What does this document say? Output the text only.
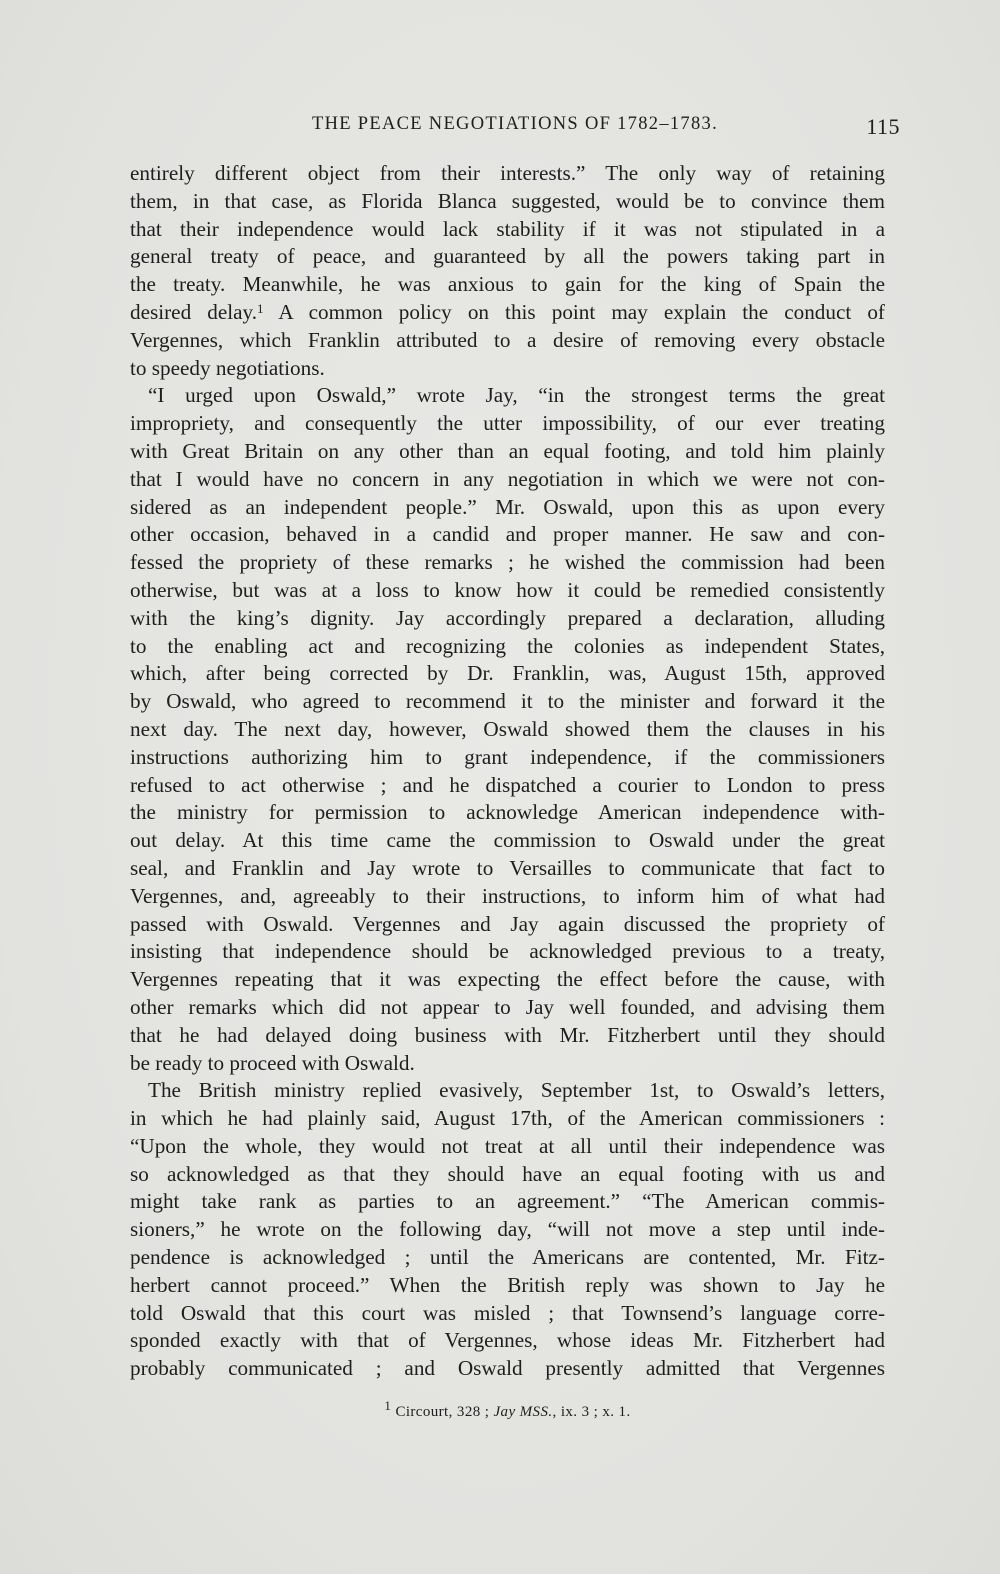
THE PEACE NEGOTIATIONS OF 1782–1783.	115
entirely different object from their interests.” The only way of retaining
them, in that case, as Florida Blanca suggested, would be to convince them
that their independence would lack stability if it was not stipulated in a
general treaty of peace, and guaranteed by all the powers taking part in
the treaty. Meanwhile, he was anxious to gain for the king of Spain the
desired delay.$^1$ A common policy on this point may explain the conduct of
Vergennes, which Franklin attributed to a desire of removing every obstacle
to speedy negotiations.
“I urged upon Oswald,” wrote Jay, “in the strongest terms the great
impropriety, and consequently the utter impossibility, of our ever treating
with Great Britain on any other than an equal footing, and told him plainly
that I would have no concern in any negotiation in which we were not con-
sidered as an independent people.” Mr. Oswald, upon this as upon every
other occasion, behaved in a candid and proper manner. He saw and con-
fessed the propriety of these remarks ; he wished the commission had been
otherwise, but was at a loss to know how it could be remedied consistently
with the king’s dignity. Jay accordingly prepared a declaration, alluding
to the enabling act and recognizing the colonies as independent States,
which, after being corrected by Dr. Franklin, was, August 15th, approved
by Oswald, who agreed to recommend it to the minister and forward it the
next day. The next day, however, Oswald showed them the clauses in his
instructions authorizing him to grant independence, if the commissioners
refused to act otherwise ; and he dispatched a courier to London to press
the ministry for permission to acknowledge American independence with-
out delay. At this time came the commission to Oswald under the great
seal, and Franklin and Jay wrote to Versailles to communicate that fact to
Vergennes, and, agreeably to their instructions, to inform him of what had
passed with Oswald. Vergennes and Jay again discussed the propriety of
insisting that independence should be acknowledged previous to a treaty,
Vergennes repeating that it was expecting the effect before the cause, with
other remarks which did not appear to Jay well founded, and advising them
that he had delayed doing business with Mr. Fitzherbert until they should
be ready to proceed with Oswald.
The British ministry replied evasively, September 1st, to Oswald’s letters,
in which he had plainly said, August 17th, of the American commissioners :
“Upon the whole, they would not treat at all until their independence was
so acknowledged as that they should have an equal footing with us and
might take rank as parties to an agreement.” “The American commis-
sioners,” he wrote on the following day, “will not move a step until inde-
pendence is acknowledged ; until the Americans are contented, Mr. Fitz-
herbert cannot proceed.” When the British reply was shown to Jay he
told Oswald that this court was misled ; that Townsend’s language corre-
sponded exactly with that of Vergennes, whose ideas Mr. Fitzherbert had
probably communicated ; and Oswald presently admitted that Vergennes
$^1$ Circourt, 328 ; Jay MSS., ix. 3 ; x. 1.
